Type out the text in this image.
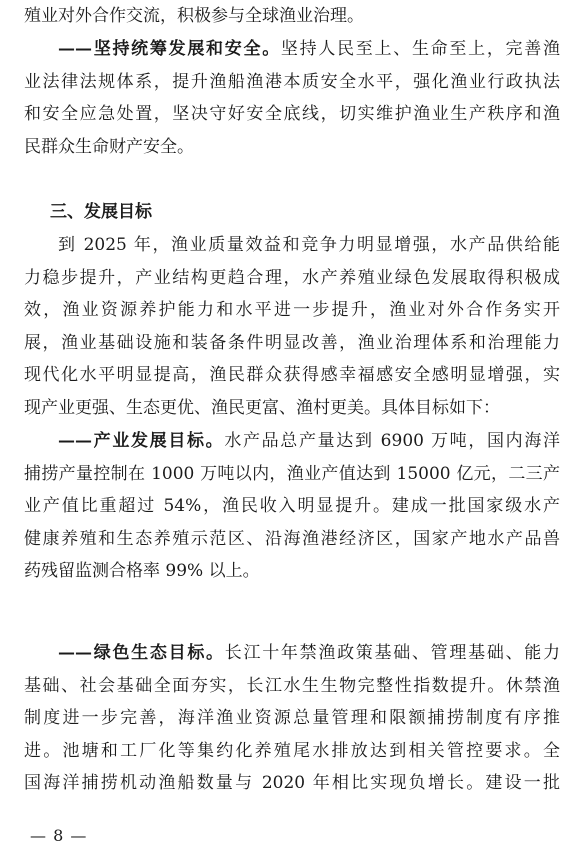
殖业对外合作交流，积极参与全球渔业治理。
——坚持统筹发展和安全。坚持人民至上、生命至上，完善渔
业法律法规体系，提升渔船渔港本质安全水平，强化渔业行政执法
和安全应急处置，坚决守好安全底线，切实维护渔业生产秩序和渔
民群众生命财产安全。
三、发展目标
到 2025 年，渔业质量效益和竞争力明显增强，水产品供给能
力稳步提升，产业结构更趋合理，水产养殖业绿色发展取得积极成
效，渔业资源养护能力和水平进一步提升，渔业对外合作务实开
展，渔业基础设施和装备条件明显改善，渔业治理体系和治理能力
现代化水平明显提高，渔民群众获得感幸福感安全感明显增强，实
现产业更强、生态更优、渔民更富、渔村更美。具体目标如下：
——产业发展目标。水产品总产量达到 6900 万吨，国内海洋
捕捞产量控制在 1000 万吨以内，渔业产值达到 15000 亿元，二三产
业产值比重超过 54%，渔民收入明显提升。建成一批国家级水产
健康养殖和生态养殖示范区、沿海渔港经济区，国家产地水产品兽
药残留监测合格率 99% 以上。
——绿色生态目标。长江十年禁渔政策基础、管理基础、能力
基础、社会基础全面夯实，长江水生生物完整性指数提升。休禁渔
制度进一步完善，海洋渔业资源总量管理和限额捕捞制度有序推
进。池塘和工厂化等集约化养殖尾水排放达到相关管控要求。全
国海洋捕捞机动渔船数量与 2020 年相比实现负增长。建设一批
— 8 —
